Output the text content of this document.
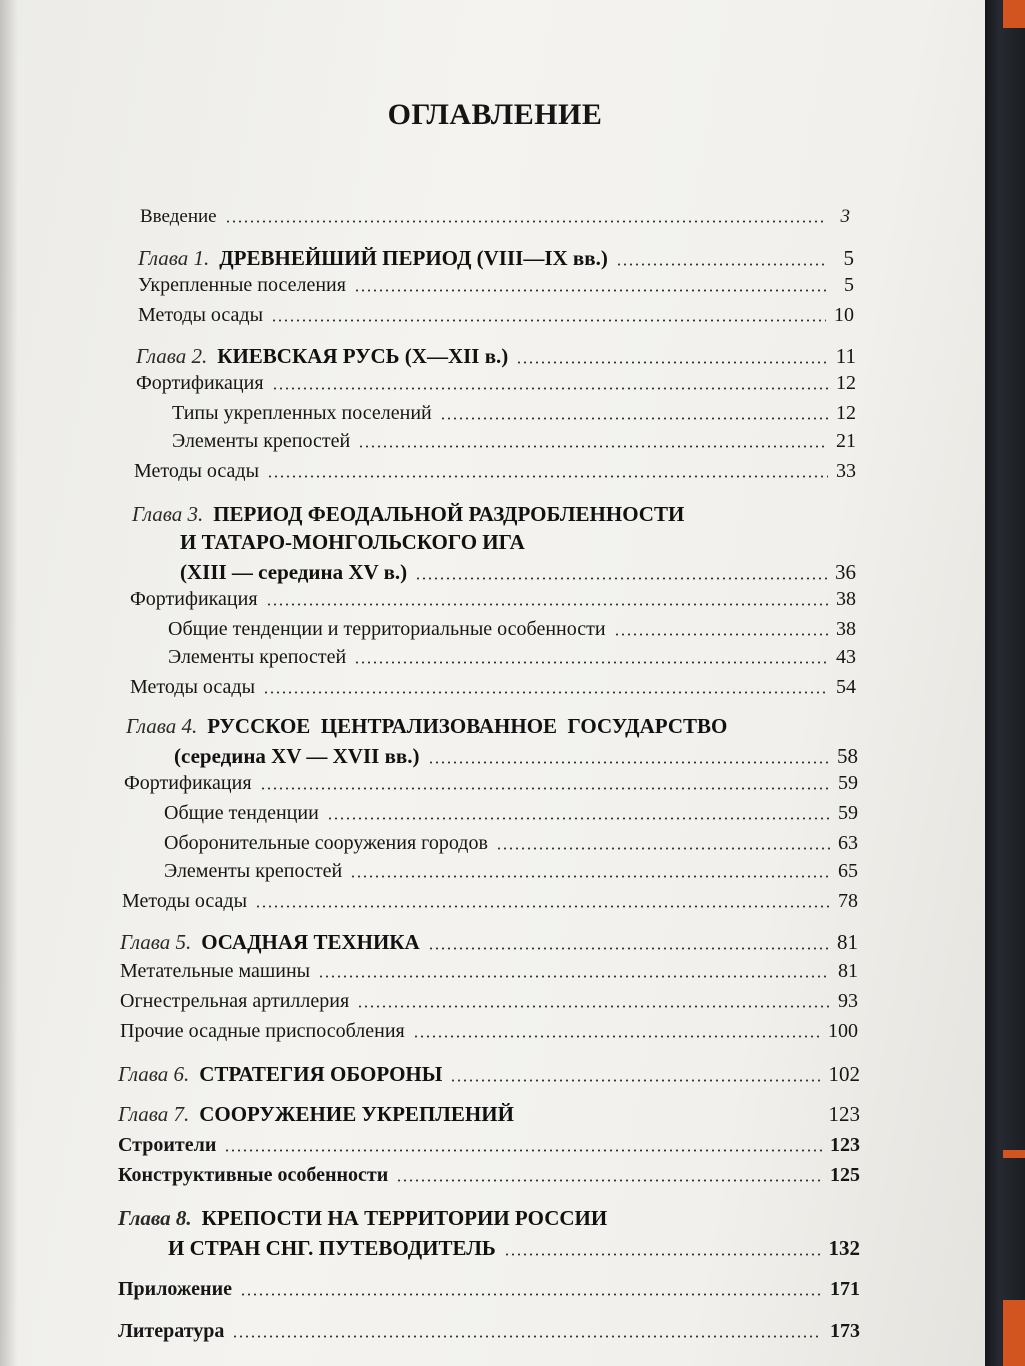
ОГЛАВЛЕНИЕ
Введение	3
Глава 1. ДРЕВНЕЙШИЙ ПЕРИОД (VIII—IX вв.)	5
Укрепленные поселения	5
Методы осады	10
Глава 2. КИЕВСКАЯ РУСЬ (X—XII в.)	11
Фортификация	12
Типы укрепленных поселений	12
Элементы крепостей	21
Методы осады	33
Глава 3. ПЕРИОД ФЕОДАЛЬНОЙ РАЗДРОБЛЕННОСТИ
И ТАТАРО-МОНГОЛЬСКОГО ИГА
(XIII — середина XV в.)	36
Фортификация	38
Общие тенденции и территориальные особенности	38
Элементы крепостей	43
Методы осады	54
Глава 4. РУССКОЕ  ЦЕНТРАЛИЗОВАННОЕ  ГОСУДАРСТВО
(середина XV — XVII вв.)	58
Фортификация	59
Общие тенденции	59
Оборонительные сооружения городов	63
Элементы крепостей	65
Методы осады	78
Глава 5. ОСАДНАЯ ТЕХНИКА	81
Метательные машины	81
Огнестрельная артиллерия	93
Прочие осадные приспособления	100
Глава 6. СТРАТЕГИЯ ОБОРОНЫ	102
Глава 7. СООРУЖЕНИЕ УКРЕПЛЕНИЙ	123
Строители	123
Конструктивные особенности	125
Глава 8. КРЕПОСТИ НА ТЕРРИТОРИИ РОССИИ
И СТРАН СНГ. ПУТЕВОДИТЕЛЬ	132
Приложение	171
Литература	173
